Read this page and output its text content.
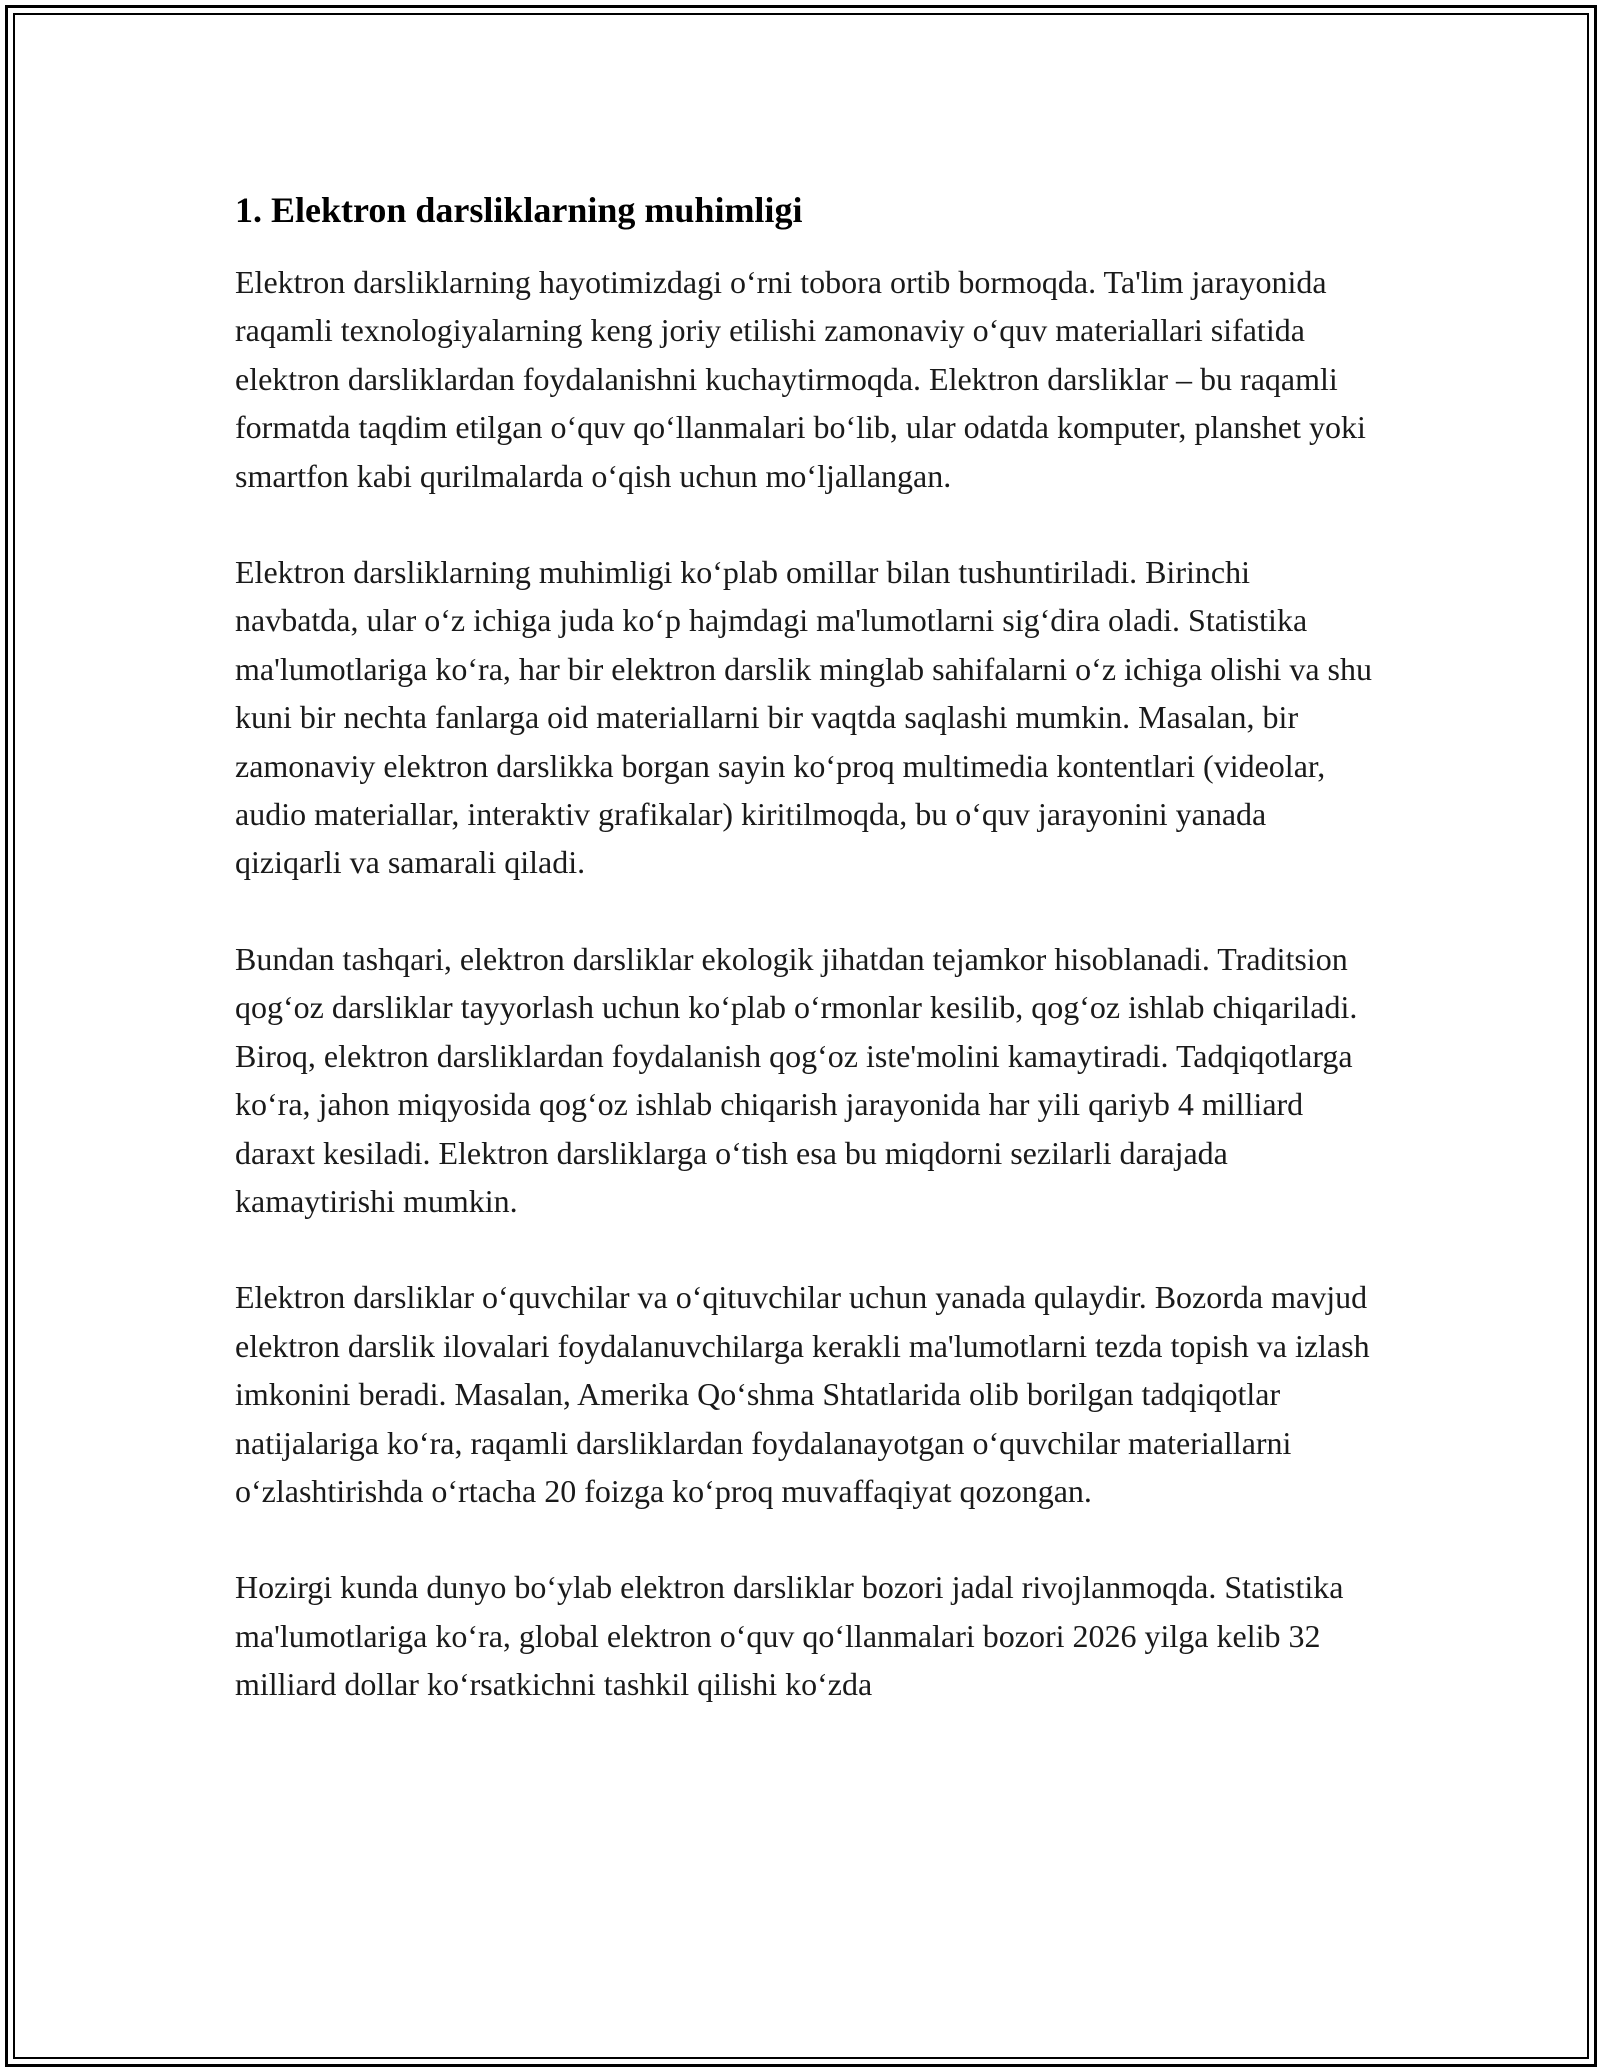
1. Elektron darsliklarning muhimligi

Elektron darsliklarning hayotimizdagi o‘rni tobora ortib bormoqda. Ta'lim jarayonida raqamli texnologiyalarning keng joriy etilishi zamonaviy o‘quv materiallari sifatida elektron darsliklardan foydalanishni kuchaytirmoqda. Elektron darsliklar – bu raqamli formatda taqdim etilgan o‘quv qo‘llanmalari bo‘lib, ular odatda komputer, planshet yoki smartfon kabi qurilmalarda o‘qish uchun mo‘ljallangan.

Elektron darsliklarning muhimligi ko‘plab omillar bilan tushuntiriladi. Birinchi navbatda, ular o‘z ichiga juda ko‘p hajmdagi ma'lumotlarni sig‘dira oladi. Statistika ma'lumotlariga ko‘ra, har bir elektron darslik minglab sahifalarni o‘z ichiga olishi va shu kuni bir nechta fanlarga oid materiallarni bir vaqtda saqlashi mumkin. Masalan, bir zamonaviy elektron darslikka borgan sayin ko‘proq multimedia kontentlari (videolar, audio materiallar, interaktiv grafikalar) kiritilmoqda, bu o‘quv jarayonini yanada qiziqarli va samarali qiladi.

Bundan tashqari, elektron darsliklar ekologik jihatdan tejamkor hisoblanadi. Traditsion qog‘oz darsliklar tayyorlash uchun ko‘plab o‘rmonlar kesilib, qog‘oz ishlab chiqariladi. Biroq, elektron darsliklardan foydalanish qog‘oz iste'molini kamaytiradi. Tadqiqotlarga ko‘ra, jahon miqyosida qog‘oz ishlab chiqarish jarayonida har yili qariyb 4 milliard daraxt kesiladi. Elektron darsliklarga o‘tish esa bu miqdorni sezilarli darajada kamaytirishi mumkin.

Elektron darsliklar o‘quvchilar va o‘qituvchilar uchun yanada qulaydir. Bozorda mavjud elektron darslik ilovalari foydalanuvchilarga kerakli ma'lumotlarni tezda topish va izlash imkonini beradi. Masalan, Amerika Qo‘shma Shtatlarida olib borilgan tadqiqotlar natijalariga ko‘ra, raqamli darsliklardan foydalanayotgan o‘quvchilar materiallarni o‘zlashtirishda o‘rtacha 20 foizga ko‘proq muvaffaqiyat qozongan.

Hozirgi kunda dunyo bo‘ylab elektron darsliklar bozori jadal rivojlanmoqda. Statistika ma'lumotlariga ko‘ra, global elektron o‘quv qo‘llanmalari bozori 2026 yilga kelib 32 milliard dollar ko‘rsatkichni tashkil qilishi ko‘zda
